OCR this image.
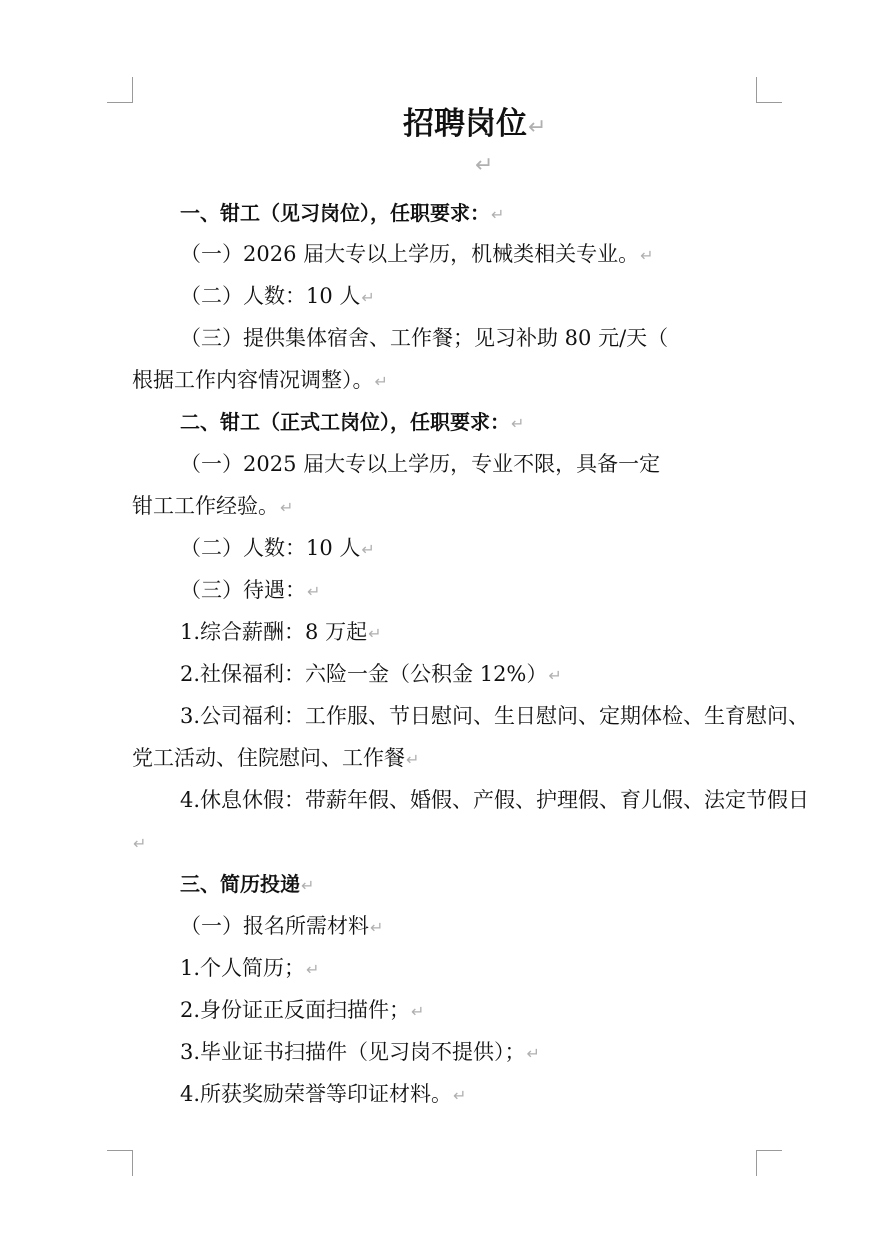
招聘岗位 ↵
↵
一、钳工（见习岗位），任职要求： ↵
（一）2026 届大专以上学历，机械类相关专业。 ↵
（二）人数：10 人 ↵
（三）提供集体宿舍、工作餐；见习补助 80 元/天（
根据工作内容情况调整）。 ↵
二、钳工（正式工岗位），任职要求： ↵
（一）2025 届大专以上学历，专业不限，具备一定
钳工工作经验。 ↵
（二）人数：10 人 ↵
（三）待遇： ↵
1.综合薪酬：8 万起 ↵
2.社保福利：六险一金（公积金 12%） ↵
3.公司福利：工作服、节日慰问、生日慰问、定期体检、生育慰问、
党工活动、住院慰问、工作餐 ↵
4.休息休假：带薪年假、婚假、产假、护理假、育儿假、法定节假日
↵
三、简历投递 ↵
（一）报名所需材料 ↵
1.个人简历； ↵
2.身份证正反面扫描件； ↵
3.毕业证书扫描件（见习岗不提供）； ↵
4.所获奖励荣誉等印证材料。 ↵
